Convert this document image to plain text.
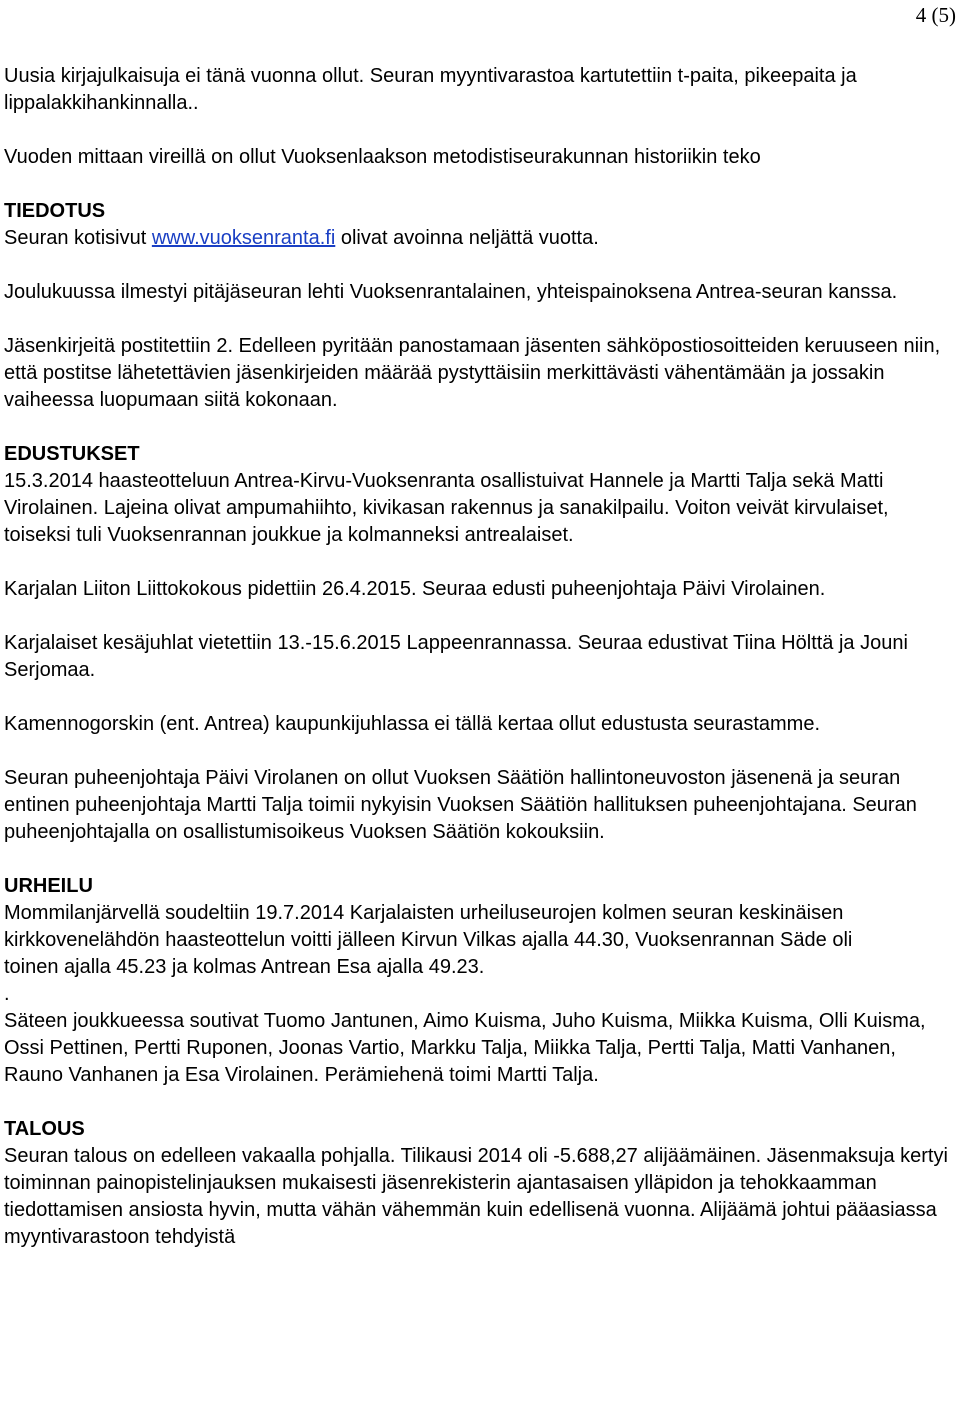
4 (5)

Uusia kirjajulkaisuja ei tänä vuonna ollut. Seuran myyntivarastoa kartutettiin t-paita, pikeepaita ja lippalakkihankinnalla..

Vuoden mittaan vireillä on ollut Vuoksenlaakson metodistiseurakunnan historiikin teko

TIEDOTUS

Seuran kotisivut www.vuoksenranta.fi olivat avoinna neljättä vuotta.

Joulukuussa ilmestyi pitäjäseuran lehti Vuoksenrantalainen, yhteispainoksena Antrea-seuran kanssa.

Jäsenkirjeitä postitettiin 2. Edelleen pyritään panostamaan jäsenten sähköpostiosoitteiden keruuseen niin, että postitse lähetettävien jäsenkirjeiden määrää pystyttäisiin merkittävästi vähentämään ja jossakin vaiheessa luopumaan siitä kokonaan.

EDUSTUKSET

15.3.2014 haasteotteluun Antrea-Kirvu-Vuoksenranta osallistuivat Hannele ja Martti Talja sekä Matti Virolainen. Lajeina olivat ampumahiihto, kivikasan rakennus ja sanakilpailu. Voiton veivät kirvulaiset, toiseksi tuli Vuoksenrannan joukkue ja kolmanneksi antrealaiset.

Karjalan Liiton Liittokokous pidettiin 26.4.2015. Seuraa edusti puheenjohtaja Päivi Virolainen.

Karjalaiset kesäjuhlat vietettiin 13.-15.6.2015 Lappeenrannassa. Seuraa edustivat Tiina Hölttä ja Jouni Serjomaa.

Kamennogorskin (ent. Antrea) kaupunkijuhlassa ei tällä kertaa ollut edustusta seurastamme.

Seuran puheenjohtaja Päivi Virolanen on ollut Vuoksen Säätiön hallintoneuvoston jäsenenä ja seuran entinen puheenjohtaja Martti Talja toimii nykyisin Vuoksen Säätiön hallituksen puheenjohtajana. Seuran puheenjohtajalla on osallistumisoikeus Vuoksen Säätiön kokouksiin.

URHEILU

Mommilanjärvellä soudeltiin 19.7.2014 Karjalaisten urheiluseurojen kolmen seuran keskinäisen kirkkovenelähdön haasteottelun voitti jälleen Kirvun Vilkas ajalla 44.30, Vuoksenrannan Säde oli toinen ajalla 45.23 ja kolmas Antrean Esa ajalla 49.23.

.

Säteen joukkueessa soutivat Tuomo Jantunen, Aimo Kuisma, Juho Kuisma, Miikka Kuisma, Olli Kuisma, Ossi Pettinen, Pertti Ruponen, Joonas Vartio, Markku Talja, Miikka Talja, Pertti Talja, Matti Vanhanen, Rauno Vanhanen ja Esa Virolainen. Perämiehenä toimi Martti Talja.

TALOUS

Seuran talous on edelleen vakaalla pohjalla. Tilikausi 2014 oli -5.688,27 alijäämäinen. Jäsenmaksuja kertyi toiminnan painopistelinjauksen mukaisesti jäsenrekisterin ajantasaisen ylläpidon ja tehokkaamman tiedottamisen ansiosta hyvin, mutta vähän vähemmän kuin edellisenä vuonna. Alijäämä johtui pääasiassa myyntivarastoon tehdyistä
